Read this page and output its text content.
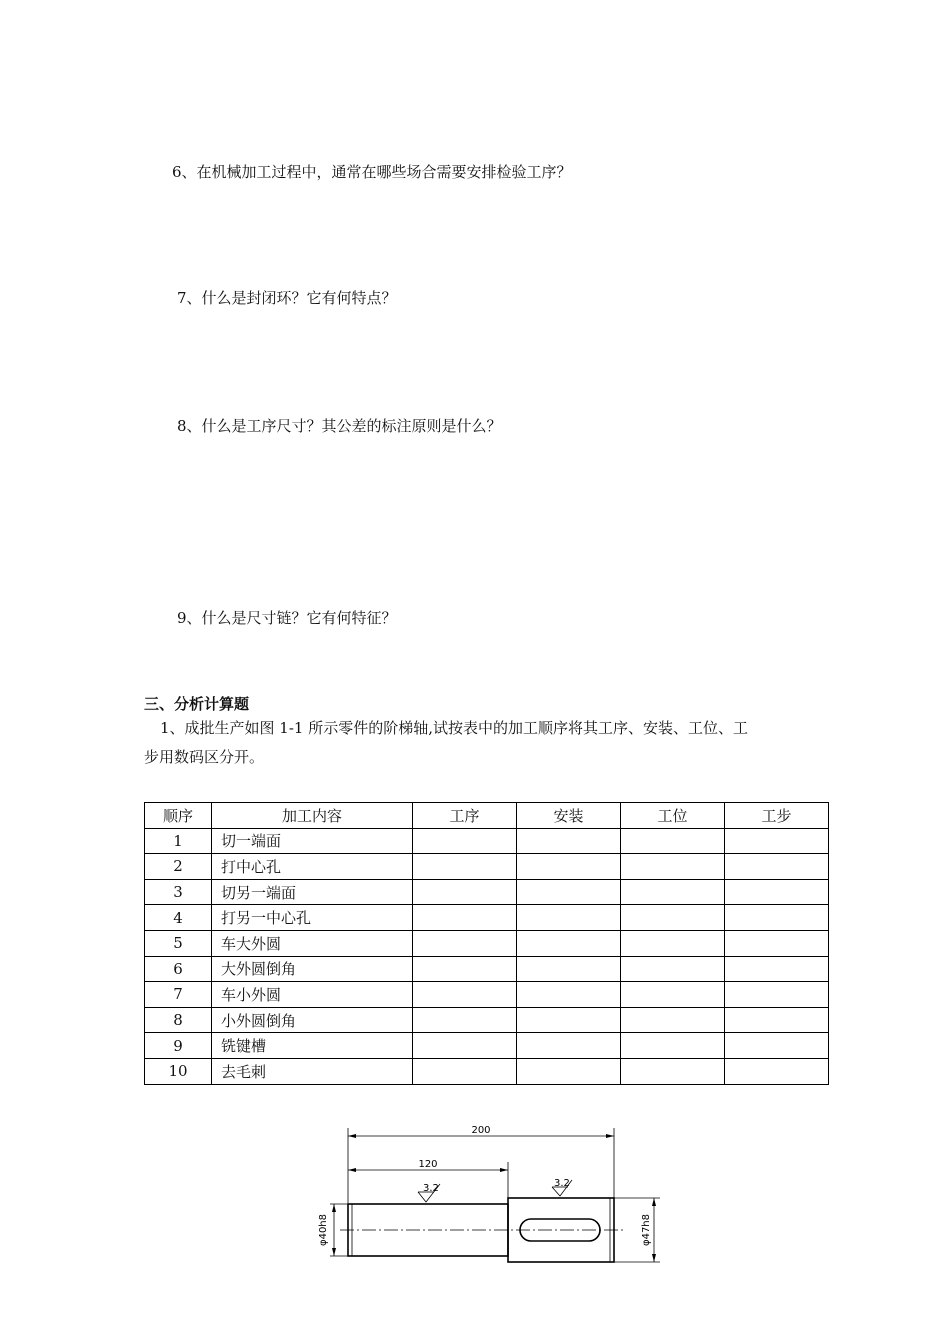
6、在机械加工过程中，通常在哪些场合需要安排检验工序？
7、什么是封闭环？它有何特点？
8、什么是工序尺寸？其公差的标注原则是什么？
9、什么是尺寸链？它有何特征？
三、分析计算题
1、成批生产如图 1-1 所示零件的阶梯轴,试按表中的加工顺序将其工序、安装、工位、工
步用数码区分开。
顺序	加工内容	工序	安装	工位	工步
1	切一端面				
2	打中心孔				
3	切另一端面				
4	打另一中心孔				
5	车大外圆				
6	大外圆倒角				
7	车小外圆				
8	小外圆倒角				
9	铣键槽				
10	去毛刺				
200
120
3.2	3.2
φ40h8	φ47h8
